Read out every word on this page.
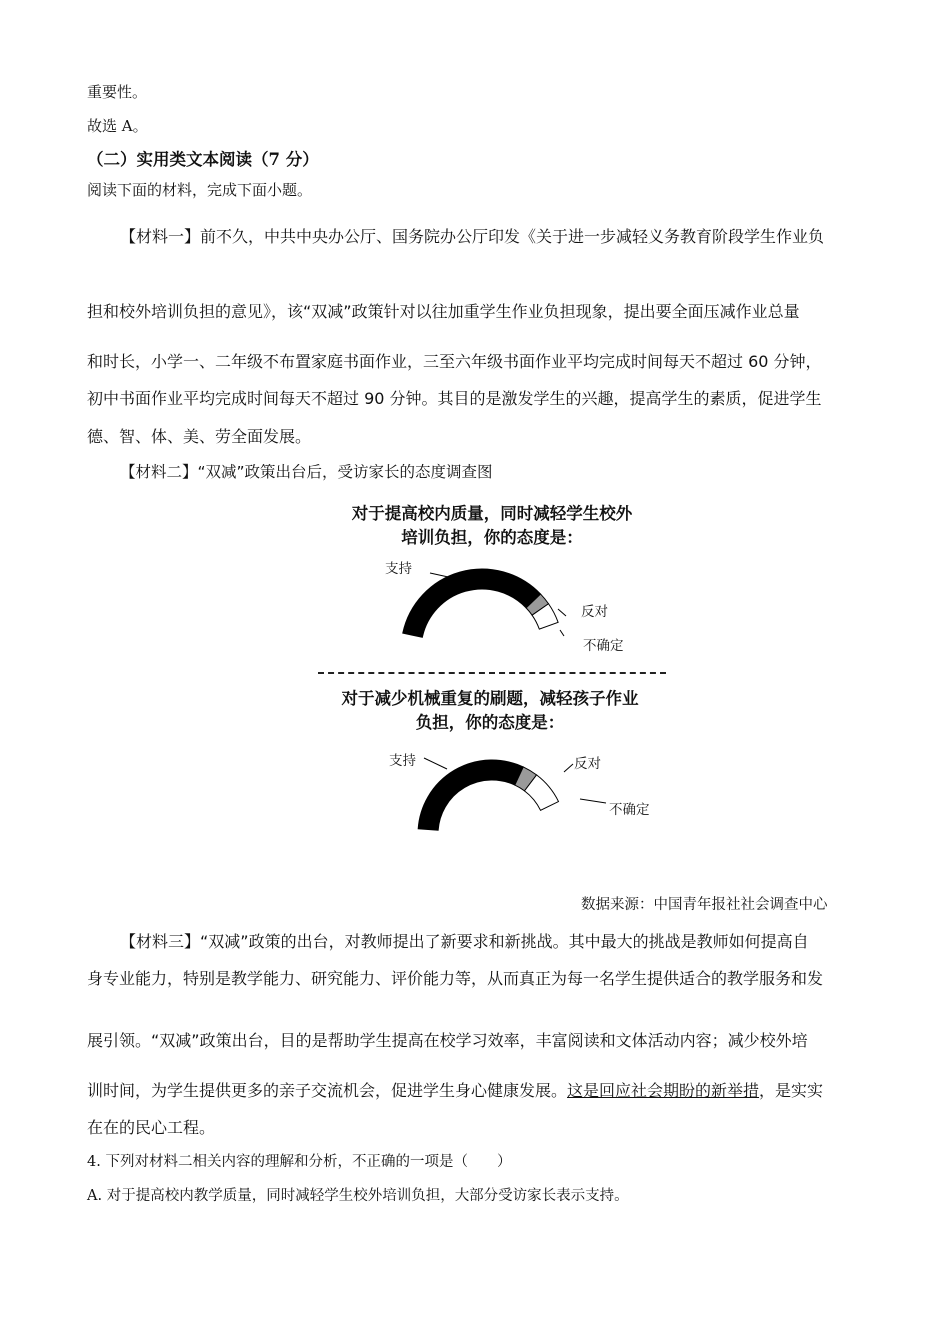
重要性。
故选 A。
（二）实用类文本阅读（7 分）
阅读下面的材料，完成下面小题。
【材料一】前不久，中共中央办公厅、国务院办公厅印发《关于进一步减轻义务教育阶段学生作业负
担和校外培训负担的意见》，该“双减”政策针对以往加重学生作业负担现象，提出要全面压减作业总量
和时长，小学一、二年级不布置家庭书面作业，三至六年级书面作业平均完成时间每天不超过 60 分钟，
初中书面作业平均完成时间每天不超过 90 分钟。其目的是激发学生的兴趣，提高学生的素质，促进学生
德、智、体、美、劳全面发展。
【材料二】“双减”政策出台后，受访家长的态度调查图
对于提高校内质量，同时减轻学生校外
培训负担，你的态度是：
支持
反对
不确定
对于减少机械重复的刷题，减轻孩子作业
负担，你的态度是：
支持	反对
不确定
数据来源：中国青年报社社会调查中心
【材料三】“双减”政策的出台，对教师提出了新要求和新挑战。其中最大的挑战是教师如何提高自
身专业能力，特别是教学能力、研究能力、评价能力等，从而真正为每一名学生提供适合的教学服务和发
展引领。“双减”政策出台，目的是帮助学生提高在校学习效率，丰富阅读和文体活动内容；减少校外培
训时间，为学生提供更多的亲子交流机会，促进学生身心健康发展。这是回应社会期盼的新举措，是实实
在在的民心工程。
4. 下列对材料二相关内容的理解和分析，不正确的一项是（　　）
A. 对于提高校内教学质量，同时减轻学生校外培训负担，大部分受访家长表示支持。
